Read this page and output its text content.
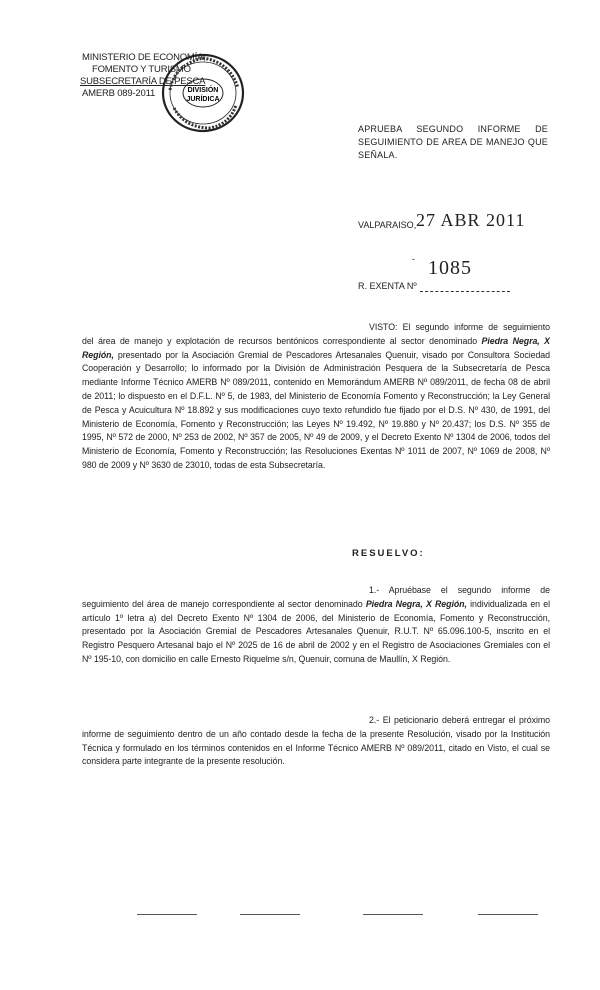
MINISTERIO DE ECONOMÍA,
FOMENTO Y TURISMO
SUBSECRETARÍA DE PESCA
AMERB 089-2011	DIVISIÓN
JURÍDICA
APRUEBA SEGUNDO INFORME DE SEGUIMIENTO DE AREA DE MANEJO QUE SEÑALA.
VALPARAISO, 27 ABR 2011
-
R. EXENTA Nº
1085
VISTO: El segundo informe de seguimiento del área de manejo y explotación de recursos bentónicos correspondiente al sector denominado Piedra Negra, X Región, presentado por la Asociación Gremial de Pescadores Artesanales Quenuir, visado por Consultora Sociedad Cooperación y Desarrollo; lo informado por la División de Administración Pesquera de la Subsecretaría de Pesca mediante Informe Técnico AMERB Nº 089/2011, contenido en Memorándum AMERB Nº 089/2011, de fecha 08 de abril de 2011; lo dispuesto en el D.F.L. Nº 5, de 1983, del Ministerio de Economía Fomento y Reconstrucción; la Ley General de Pesca y Acuicultura Nº 18.892 y sus modificaciones cuyo texto refundido fue fijado por el D.S. Nº 430, de 1991, del Ministerio de Economía, Fomento y Reconstrucción; las Leyes Nº 19.492, Nº 19.880 y Nº 20.437; los D.S. Nº 355 de 1995, Nº 572 de 2000, Nº 253 de 2002, Nº 357 de 2005, Nº 49 de 2009, y el Decreto Exento Nº 1304 de 2006, todos del Ministerio de Economía, Fomento y Reconstrucción; las Resoluciones Exentas Nº 1011 de 2007, Nº 1069 de 2008, Nº 980 de 2009 y Nº 3630 de 23010, todas de esta Subsecretaría.
RESUELVO:
1.- Apruébase el segundo informe de seguimiento del área de manejo correspondiente al sector denominado Piedra Negra, X Región, individualizada en el artículo 1º letra a) del Decreto Exento Nº 1304 de 2006, del Ministerio de Economía, Fomento y Reconstrucción, presentado por la Asociación Gremial de Pescadores Artesanales Quenuir, R.U.T. Nº 65.096.100-5, inscrito en el Registro Pesquero Artesanal bajo el Nº 2025 de 16 de abril de 2002 y en el Registro de Asociaciones Gremiales con el Nº 195-10, con domicilio en calle Ernesto Riquelme s/n, Quenuir, comuna de Maullín, X Región.
2.- El peticionario deberá entregar el próximo informe de seguimiento dentro de un año contado desde la fecha de la presente Resolución, visado por la Institución Técnica y formulado en los términos contenidos en el Informe Técnico AMERB Nº 089/2011, citado en Visto, el cual se considera parte integrante de la presente resolución.
